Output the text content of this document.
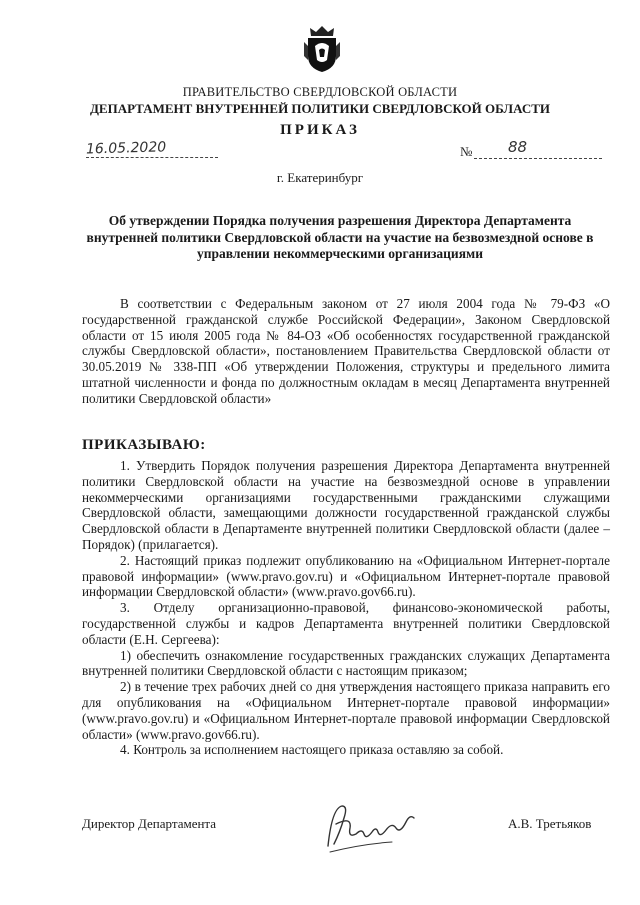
ПРАВИТЕЛЬСТВО СВЕРДЛОВСКОЙ ОБЛАСТИ
ДЕПАРТАМЕНТ ВНУТРЕННЕЙ ПОЛИТИКИ СВЕРДЛОВСКОЙ ОБЛАСТИ
ПРИКАЗ
16.05.2020	№ 88
г. Екатеринбург
Об утверждении Порядка получения разрешения Директора Департамента внутренней политики Свердловской области на участие на безвозмездной основе в управлении некоммерческими организациями
В соответствии с Федеральным законом от 27 июля 2004 года № 79-ФЗ «О государственной гражданской службе Российской Федерации», Законом Свердловской области от 15 июля 2005 года № 84-ОЗ «Об особенностях государственной гражданской службы Свердловской области», постановлением Правительства Свердловской области от 30.05.2019 № 338-ПП «Об утверждении Положения, структуры и предельного лимита штатной численности и фонда по должностным окладам в месяц Департамента внутренней политики Свердловской области»
ПРИКАЗЫВАЮ:
1. Утвердить Порядок получения разрешения Директора Департамента внутренней политики Свердловской области на участие на безвозмездной основе в управлении некоммерческими организациями государственными гражданскими служащими Свердловской области, замещающими должности государственной гражданской службы Свердловской области в Департаменте внутренней политики Свердловской области (далее – Порядок) (прилагается).
2. Настоящий приказ подлежит опубликованию на «Официальном Интернет-портале правовой информации» (www.pravo.gov.ru) и «Официальном Интернет-портале правовой информации Свердловской области» (www.pravo.gov66.ru).
3. Отделу организационно-правовой, финансово-экономической работы, государственной службы и кадров Департамента внутренней политики Свердловской области (Е.Н. Сергеева):
1) обеспечить ознакомление государственных гражданских служащих Департамента внутренней политики Свердловской области с настоящим приказом;
2) в течение трех рабочих дней со дня утверждения настоящего приказа направить его для опубликования на «Официальном Интернет-портале правовой информации» (www.pravo.gov.ru) и «Официальном Интернет-портале правовой информации Свердловской области» (www.pravo.gov66.ru).
4. Контроль за исполнением настоящего приказа оставляю за собой.
Директор Департамента	А.В. Третьяков
